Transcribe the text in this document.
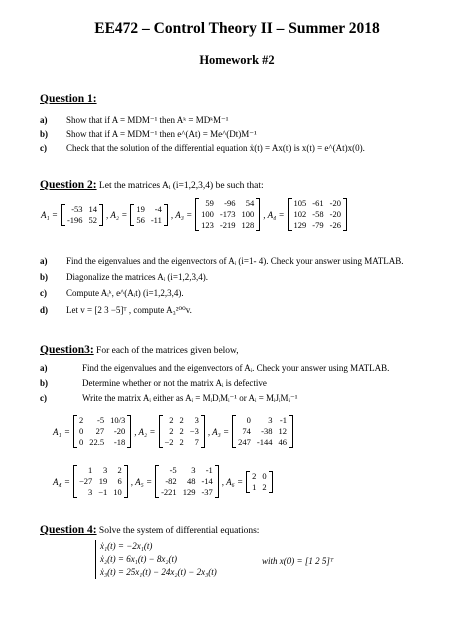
EE472 – Control Theory II – Summer 2018
Homework #2
Question 1:
a) Show that if A = MDM⁻¹ then Aᵏ = MDᵏM⁻¹
b) Show that if A = MDM⁻¹ then e^(At) = Me^(Dt)M⁻¹
c) Check that the solution of the differential equation ẋ(t) = Ax(t) is x(t) = e^(At)x(0).
Question 2: Let the matrices Aᵢ (i=1,2,3,4) be such that:
A₁ =
-53	14
-196	52 , A₂ =
19	-4
56	-11 , A₃ =
59	-96	54
100	-173	100
123	-219	128
, A₄ =
105	-61	-20
102	-58	-20
129	-79	-26
a) Find the eigenvalues and the eigenvectors of Aᵢ (i=1- 4). Check your answer using MATLAB.
b) Diagonalize the matrices Aᵢ (i=1,2,3,4).
c) Compute Aᵢᵏ, e^(Aᵢt) (i=1,2,3,4).
d) Let v = [2 3 −5]ᵀ , compute A₃²⁰⁰v.
Question3: For each of the matrices given below,
a)	Find the eigenvalues and the eigenvectors of Aᵢ. Check your answer using MATLAB.
b)	Determine whether or not the matrix Aᵢ is defective
c)	Write the matrix Aᵢ either as Aᵢ = MᵢDᵢMᵢ⁻¹ or Aᵢ = MᵢJᵢMᵢ⁻¹
A₁ =
2	-5	10/3
0	27	-20
0	22.5	-18
, A₂ =
2	2	3
2	2	−3
−2	2	7
, A₃ =
0	3	-1
74	-38	12
247	-144	46
A₄ =
1	3	2
−27	19	6
3	−1	10
, A₅ =
-5	3	-1
-82	48	-14
-221	129	-37
, A₆ =
2	0
1	2
Question 4: Solve the system of differential equations:
ẋ₁(t) = −2x₁(t)
ẋ₂(t) = 6x₁(t) − 8x₂(t)
ẋ₃(t) = 25x₁(t) − 24x₂(t) − 2x₃(t)
with x(0) = [1 2 5]ᵀ
